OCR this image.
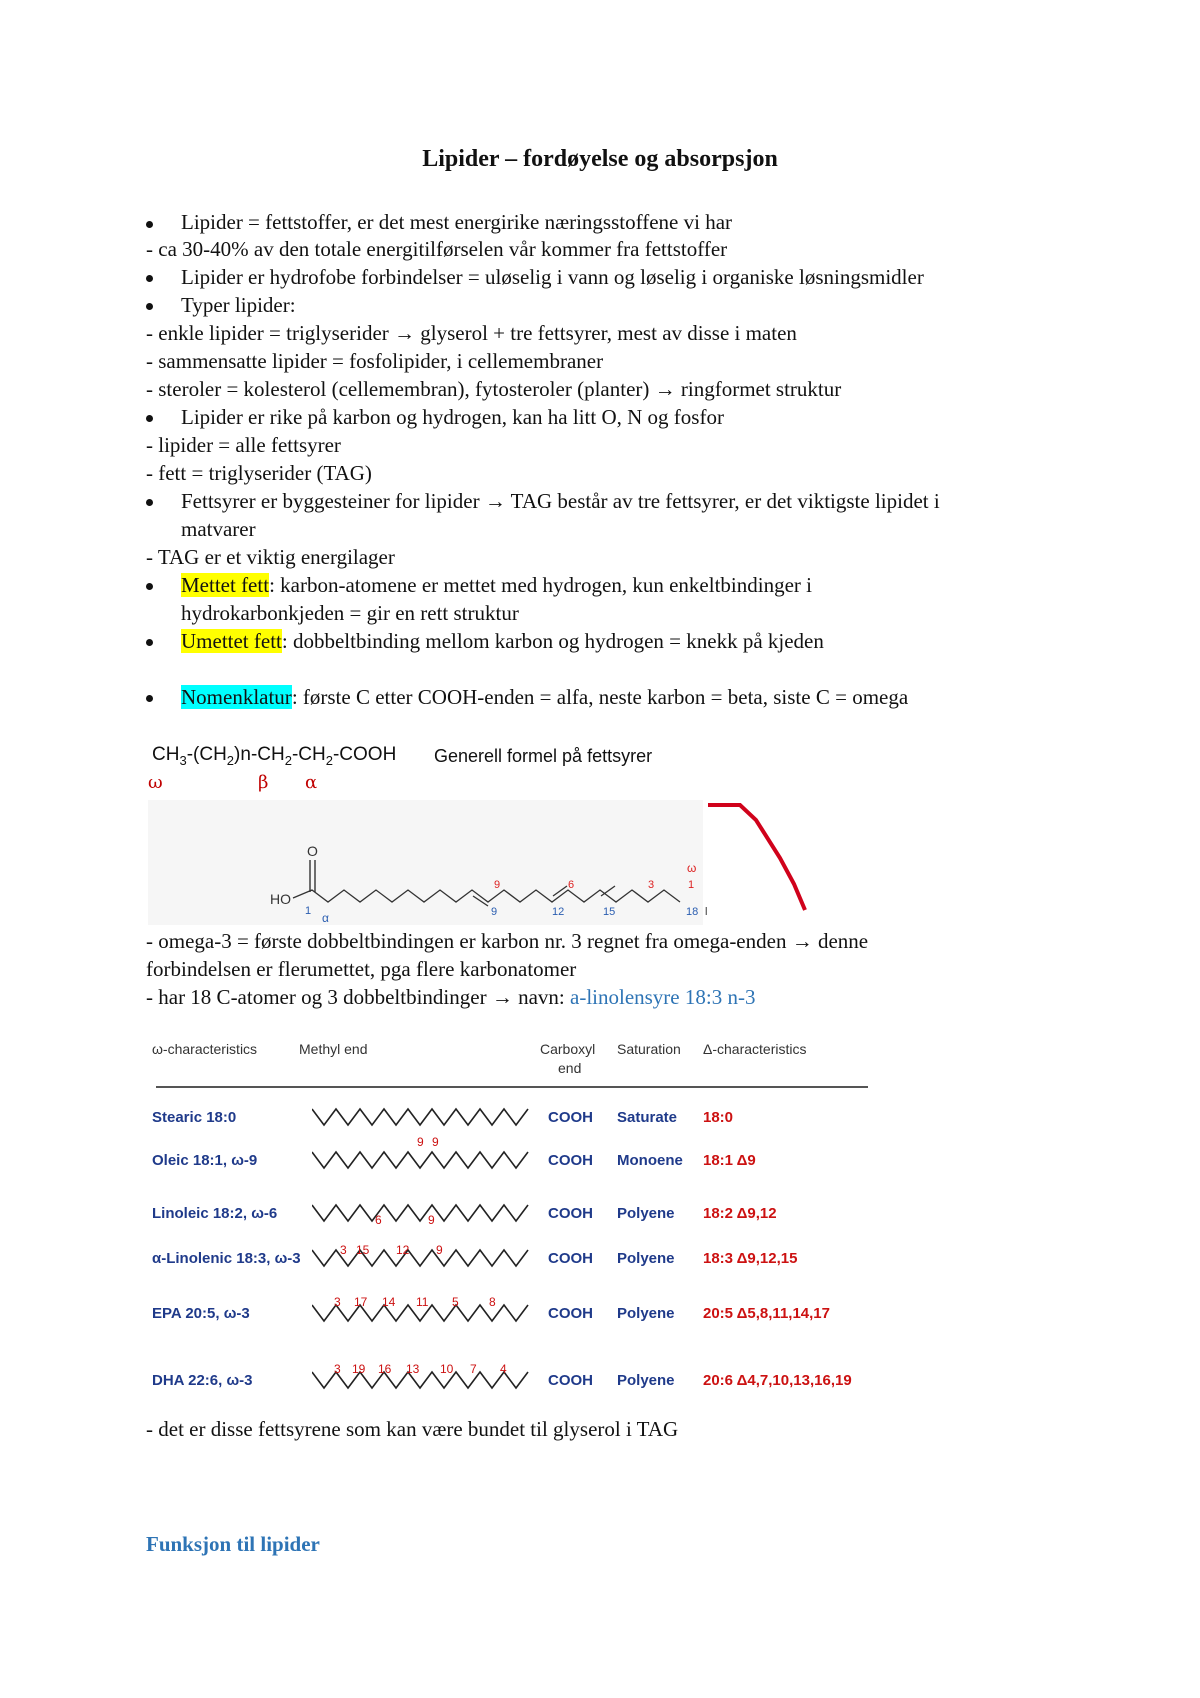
Lipider – fordøyelse og absorpsjon
Lipider = fettstoffer, er det mest energirike næringsstoffene vi har
- ca 30-40% av den totale energitilførselen vår kommer fra fettstoffer
Lipider er hydrofobe forbindelser = uløselig i vann og løselig i organiske løsningsmidler
Typer lipider:
- enkle lipider = triglyserider → glyserol + tre fettsyrer, mest av disse i maten
- sammensatte lipider = fosfolipider, i cellemembraner
- steroler = kolesterol (cellemembran), fytosteroler (planter) → ringformet struktur
Lipider er rike på karbon og hydrogen, kan ha litt O, N og fosfor
- lipider = alle fettsyrer
- fett = triglyserider (TAG)
Fettsyrer er byggesteiner for lipider → TAG består av tre fettsyrer, er det viktigste lipidet i
matvarer
- TAG er et viktig energilager
Mettet fett: karbon-atomene er mettet med hydrogen, kun enkeltbindinger i
hydrokarbonkjeden = gir en rett struktur
Umettet fett: dobbeltbinding mellom karbon og hydrogen = knekk på kjeden
Nomenklatur: første C etter COOH-enden = alfa, neste karbon = beta, siste C = omega
$CH_3-(CH_2)n-CH_2-CH_2$-COOH Generell formel på fettsyrer
ω	β α
O
HO
9	6	3	1
ω
1 α	9	12	15	18 l
- omega-3 = første dobbeltbindingen er karbon nr. 3 regnet fra omega-enden → denne
forbindelsen er flerumettet, pga flere karbonatomer
- har 18 C-atomer og 3 dobbeltbindinger → navn: a-linolensyre 18:3 n-3
ω-characteristics	Methyl end	Carboxyl
end
Saturation Δ-characteristics
Stearic 18:0	COOH Saturate 18:0
Oleic 18:1, ω-9	COOH Monoene 18:1 Δ9
9 9
Linoleic 18:2, ω-6	COOH Polyene 18:2 Δ9,12
6	9
α-Linolenic 18:3, ω-3	COOH Polyene 18:3 Δ9,12,15
3 15 12 9
EPA 20:5, ω-3	COOH Polyene 20:5 Δ5,8,11,14,17
3 17 14 11 5	8
DHA 22:6, ω-3	COOH Polyene 20:6 Δ4,7,10,13,16,19
3 19 16 13 10 7 4
- det er disse fettsyrene som kan være bundet til glyserol i TAG
Funksjon til lipider
